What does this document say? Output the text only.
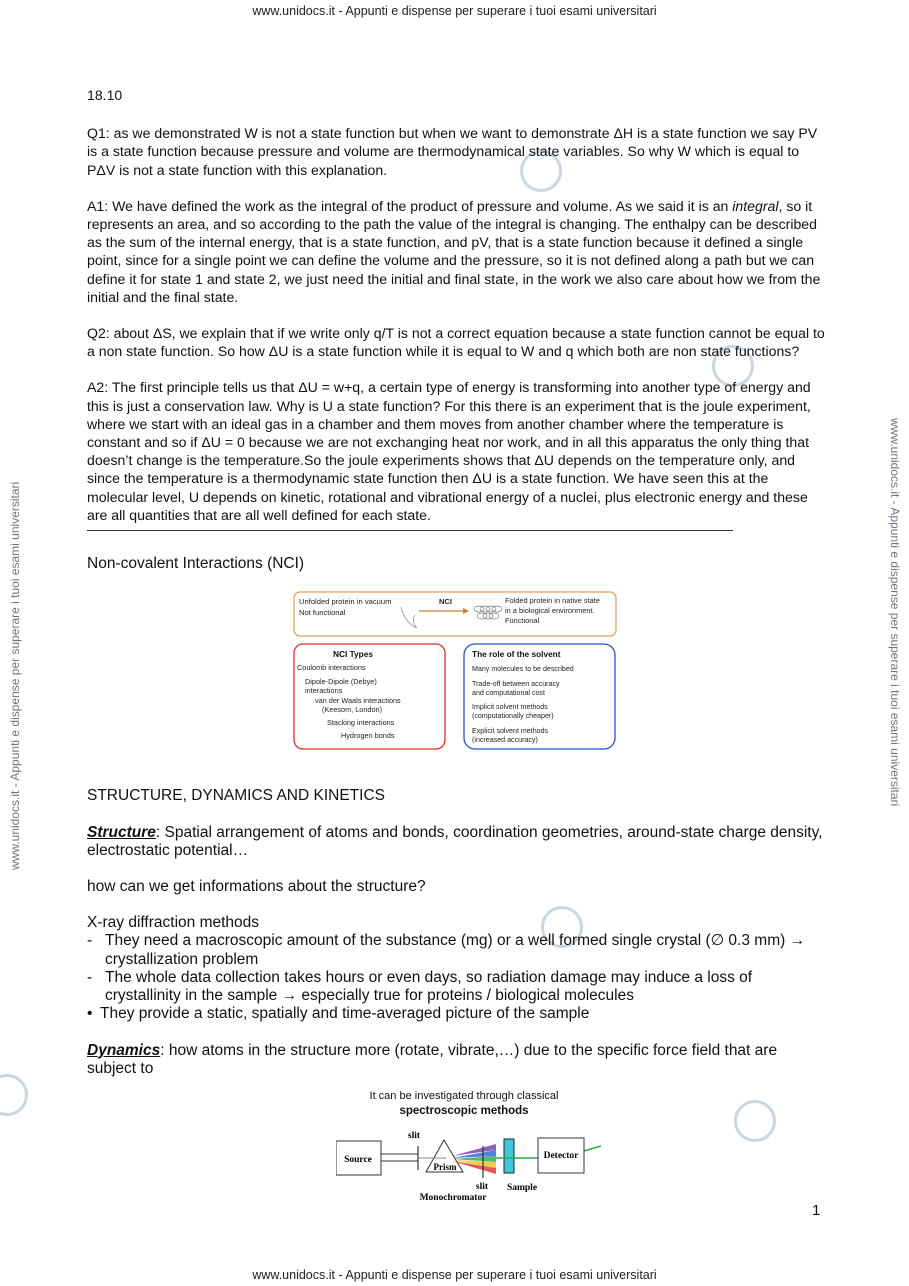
www.unidocs.it - Appunti e dispense per superare i tuoi esami universitari
www.unidocs.it - Appunti e dispense per superare i tuoi esami universitari
www.unidocs.it - Appunti e dispense per superare i tuoi esami universitari	www.unidocs.it - Appunti e dispense per superare i tuoi esami universitari

18.10

Q1: as we demonstrated W is not a state function but when we want to demonstrate ΔH is a state function we say PV is a state function because pressure and volume are thermodynamical state variables. So why W which is equal to PΔV is not a state function with this explanation.

A1: We have defined the work as the integral of the product of pressure and volume. As we said it is an integral, so it represents an area, and so according to the path the value of the integral is changing. The enthalpy can be described as the sum of the internal energy, that is a state function, and pV, that is a state function because it defined a single point, since for a single point we can define the volume and the pressure, so it is not defined along a path but we can define it for state 1 and state 2, we just need the initial and final state, in the work we also care about how we from the initial and the final state.

Q2: about ΔS, we explain that if we write only q/T is not a correct equation because a state function cannot be equal to a non state function. So how ΔU is a state function while it is equal to W and q which both are non state functions?

A2: The first principle tells us that ΔU = w+q, a certain type of energy is transforming into another type of energy and this is just a conservation law. Why is U a state function? For this there is an experiment that is the joule experiment, where we start with an ideal gas in a chamber and them moves from another chamber where the temperature is constant and so if ΔU = 0 because we are not exchanging heat nor work, and in all this apparatus the only thing that doesn’t change is the temperature.So the joule experiments shows that ΔU depends on the temperature only, and since the temperature is a thermodynamic state function then ΔU is a state function. We have seen this at the molecular level, U depends on kinetic, rotational and vibrational energy of a nuclei, plus electronic energy and these are all quantities that are all well defined for each state.

Non-covalent Interactions (NCI)

Unfolded protein in vacuum
Not functional
NCI	Folded protein in native state
in a biological environment.
Functional
NCI Types
Coulomb interactions
Dipole-Dipole (Debye)
interactions
van der Waals interactions
(Keesom, London)
Stacking interactions
Hydrogen bonds
The role of the solvent
Many molecules to be described
Trade-off between accuracy
and computational cost
Implicit solvent methods
(computationally cheaper)
Explicit solvent methods
(increased accuracy)

STRUCTURE, DYNAMICS AND KINETICS

Structure: Spatial arrangement of atoms and bonds, coordination geometries, around-state charge density, electrostatic potential…

how can we get informations about the structure?

X-ray diffraction methods

- They need a macroscopic amount of the substance (mg) or a well formed single crystal (∅ 0.3 mm) → crystallization problem
- The whole data collection takes hours or even days, so radiation damage may induce a loss of crystallinity in the sample → especially true for proteins / biological molecules
• They provide a static, spatially and time-averaged picture of the sample

Dynamics: how atoms in the structure more (rotate, vibrate,…) due to the specific force field that are subject to

It can be investigated through classical
spectroscopic methods
Source
slit
Prism
slit Sample
Detector
Monochromator
1
